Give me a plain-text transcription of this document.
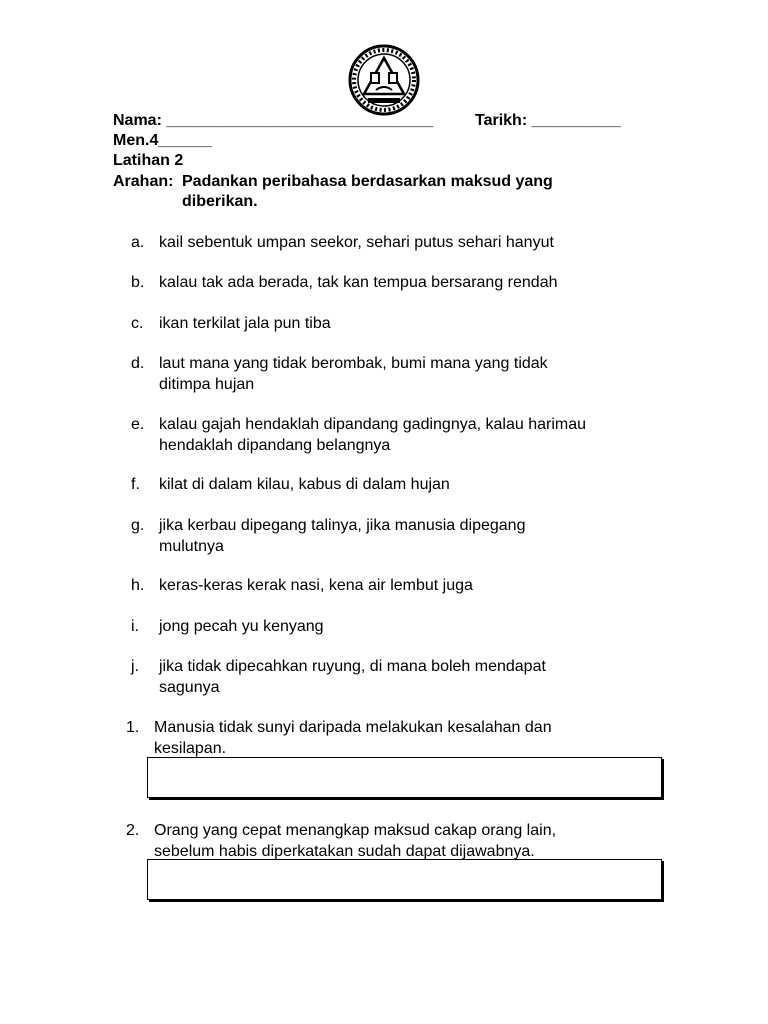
Nama: ______________________________	Tarikh: __________
Men.4______
Latihan 2
Arahan: Padankan peribahasa berdasarkan maksud yang
diberikan.
a. kail sebentuk umpan seekor, sehari putus sehari hanyut
b. kalau tak ada berada, tak kan tempua bersarang rendah
c. ikan terkilat jala pun tiba
d. laut mana yang tidak berombak, bumi mana yang tidak ditimpa hujan
e. kalau gajah hendaklah dipandang gadingnya, kalau harimau hendaklah dipandang belangnya
f. kilat di dalam kilau, kabus di dalam hujan
g. jika kerbau dipegang talinya, jika manusia dipegang mulutnya
h. keras-keras kerak nasi, kena air lembut juga
i. jong pecah yu kenyang
j. jika tidak dipecahkan ruyung, di mana boleh mendapat sagunya
1. Manusia tidak sunyi daripada melakukan kesalahan dan kesilapan.
2. Orang yang cepat menangkap maksud cakap orang lain, sebelum habis diperkatakan sudah dapat dijawabnya.
